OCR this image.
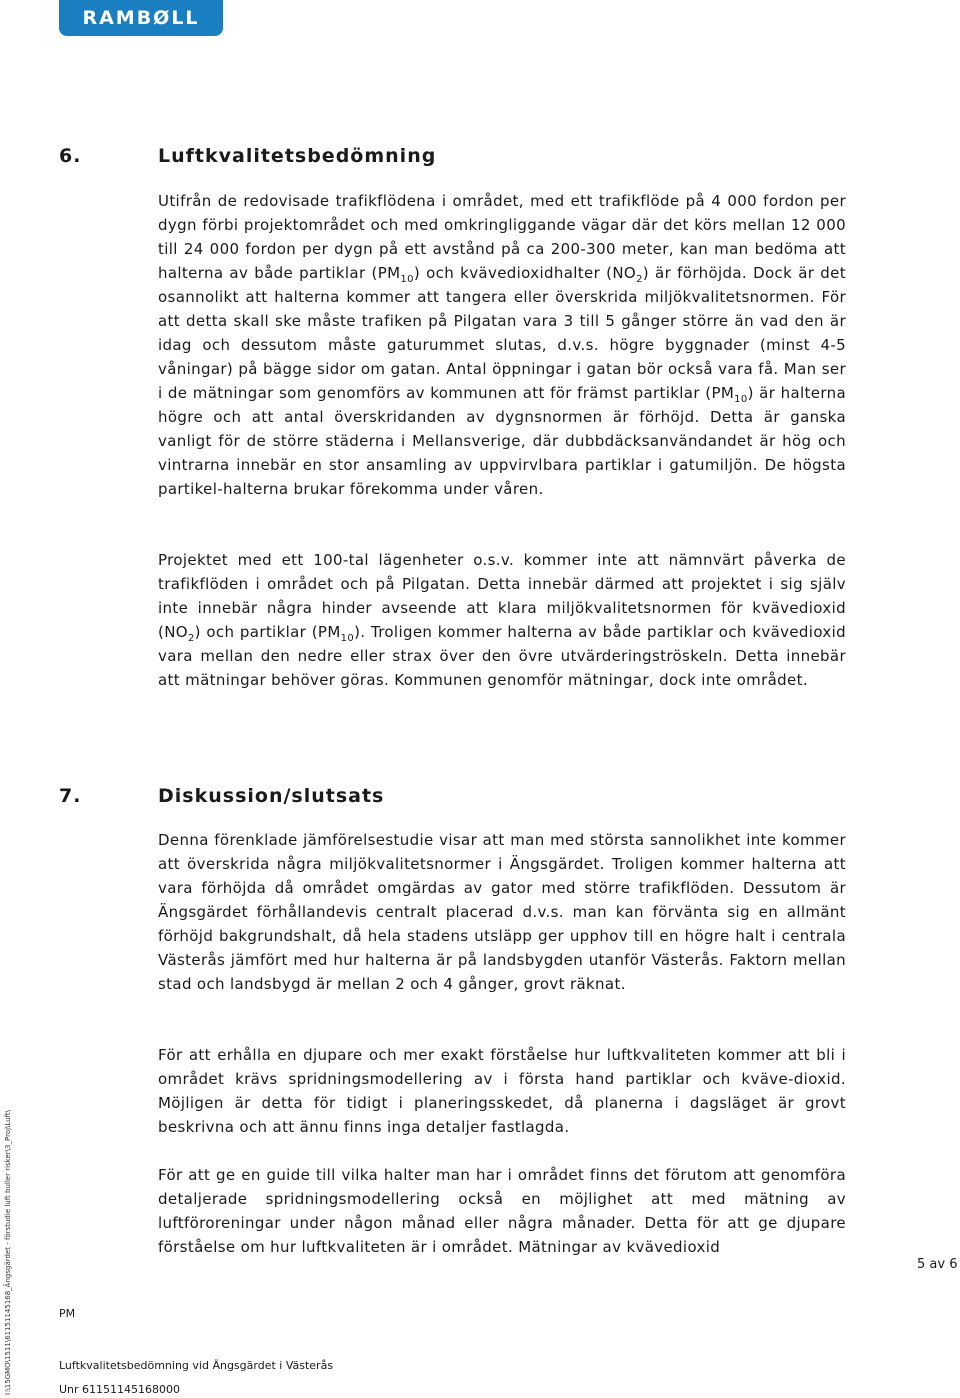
RAMBØLL
6.	Luftkvalitetsbedömning

Utifrån de redovisade trafikflödena i området, med ett trafikflöde på 4 000 fordon per dygn förbi projektområdet och med omkringliggande vägar där det körs mellan 12 000 till 24 000 fordon per dygn på ett avstånd på ca 200-300 meter, kan man bedöma att halterna av både partiklar $(PM_{10})$ och kvävedioxidhalter $(NO_2)$ är förhöjda. Dock är det osannolikt att halterna kommer att tangera eller överskrida miljökvalitetsnormen. För att detta skall ske måste trafiken på Pilgatan vara 3 till 5 gånger större än vad den är idag och dessutom måste gaturummet slutas, d.v.s. högre byggnader (minst 4-5 våningar) på bägge sidor om gatan. Antal öppningar i gatan bör också vara få. Man ser i de mätningar som genomförs av kommunen att för främst partiklar $(PM_{10})$ är halterna högre och att antal överskridanden av dygnsnormen är förhöjd. Detta är ganska vanligt för de större städerna i Mellansverige, där dubbdäcksanvändandet är hög och vintrarna innebär en stor ansamling av uppvirvlbara partiklar i gatumiljön. De högsta partikel-halterna brukar förekomma under våren.

Projektet med ett 100-tal lägenheter o.s.v. kommer inte att nämnvärt påverka de trafikflöden i området och på Pilgatan. Detta innebär därmed att projektet i sig själv inte innebär några hinder avseende att klara miljökvalitetsnormen för kvävedioxid $(NO_2)$ och partiklar $(PM_{10})$. Troligen kommer halterna av både partiklar och kvävedioxid vara mellan den nedre eller strax över den övre utvärderingströskeln. Detta innebär att mätningar behöver göras. Kommunen genomför mätningar, dock inte området.

7.	Diskussion/slutsats

Denna förenklade jämförelsestudie visar att man med största sannolikhet inte kommer att överskrida några miljökvalitetsnormer i Ängsgärdet. Troligen kommer halterna att vara förhöjda då området omgärdas av gator med större trafikflöden. Dessutom är Ängsgärdet förhållandevis centralt placerad d.v.s. man kan förvänta sig en allmänt förhöjd bakgrundshalt, då hela stadens utsläpp ger upphov till en högre halt i centrala Västerås jämfört med hur halterna är på landsbygden utanför Västerås. Faktorn mellan stad och landsbygd är mellan 2 och 4 gånger, grovt räknat.

För att erhålla en djupare och mer exakt förståelse hur luftkvaliteten kommer att bli i området krävs spridningsmodellering av i första hand partiklar och kväve-dioxid. Möjligen är detta för tidigt i planeringsskedet, då planerna i dagsläget är grovt beskrivna och att ännu finns inga detaljer fastlagda.

För att ge en guide till vilka halter man har i området finns det förutom att genomföra detaljerade spridningsmodellering också en möjlighet att med mätning av luftföroreningar under någon månad eller några månader. Detta för att ge djupare förståelse om hur luftkvaliteten är i området. Mätningar av kvävedioxid

5 av 6
PM
Luftkvalitetsbedömning vid Ängsgärdet i Västerås
Unr 61151145168000
I:\15GMO\1511\61151145168_Ängsgärdet - förstudie luft buller risker\3_Proj\Luft\
